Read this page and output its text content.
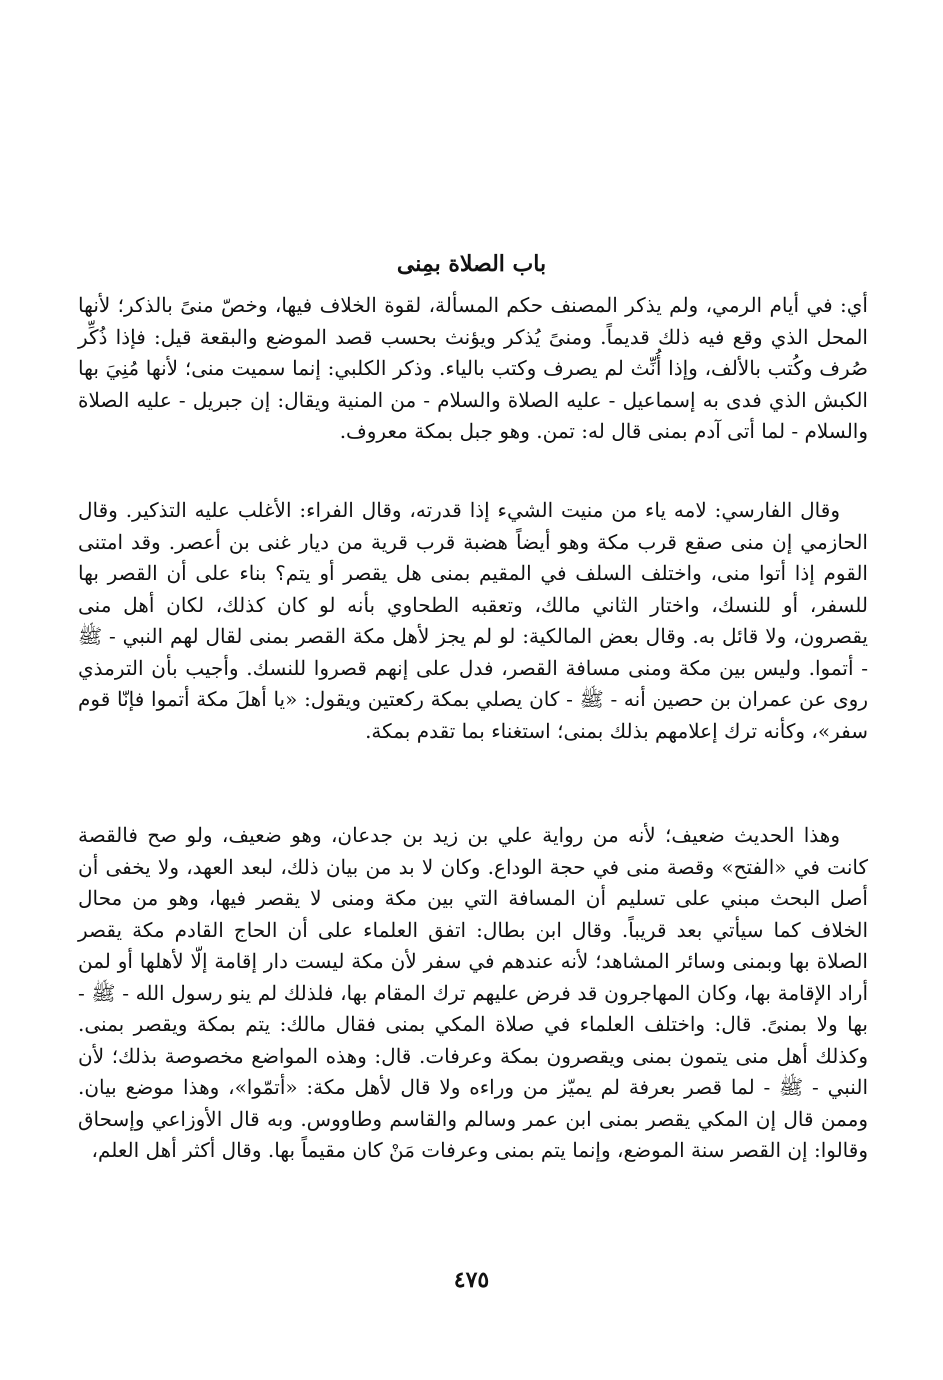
باب الصلاة بمِنى

أي: في أيام الرمي، ولم يذكر المصنف حكم المسألة، لقوة الخلاف فيها، وخصّ منىً بالذكر؛ لأنها المحل الذي وقع فيه ذلك قديماً. ومنىً يُذكر ويؤنث بحسب قصد الموضع والبقعة قيل: فإذا ذُكِّر صُرف وكُتب بالألف، وإذا أُنِّث لم يصرف وكتب بالياء. وذكر الكلبي: إنما سميت منى؛ لأنها مُنِيَ بها الكبش الذي فدى به إسماعيل - عليه الصلاة والسلام - من المنية ويقال: إن جبريل - عليه الصلاة والسلام - لما أتى آدم بمنى قال له: تمن. وهو جبل بمكة معروف.

وقال الفارسي: لامه ياء من منيت الشيء إذا قدرته، وقال الفراء: الأغلب عليه التذكير. وقال الحازمي إن منى صقع قرب مكة وهو أيضاً هضبة قرب قرية من ديار غنى بن أعصر. وقد امتنى القوم إذا أتوا منى، واختلف السلف في المقيم بمنى هل يقصر أو يتم؟ بناء على أن القصر بها للسفر، أو للنسك، واختار الثاني مالك، وتعقبه الطحاوي بأنه لو كان كذلك، لكان أهل منى يقصرون، ولا قائل به. وقال بعض المالكية: لو لم يجز لأهل مكة القصر بمنى لقال لهم النبي - ﷺ - أتموا. وليس بين مكة ومنى مسافة القصر، فدل على إنهم قصروا للنسك. وأجيب بأن الترمذي روى عن عمران بن حصين أنه - ﷺ - كان يصلي بمكة ركعتين ويقول: «يا أهلَ مكة أتموا فإنّا قوم سفر»، وكأنه ترك إعلامهم بذلك بمنى؛ استغناء بما تقدم بمكة.

وهذا الحديث ضعيف؛ لأنه من رواية علي بن زيد بن جدعان، وهو ضعيف، ولو صح فالقصة كانت في «الفتح» وقصة منى في حجة الوداع. وكان لا بد من بيان ذلك، لبعد العهد، ولا يخفى أن أصل البحث مبني على تسليم أن المسافة التي بين مكة ومنى لا يقصر فيها، وهو من محال الخلاف كما سيأتي بعد قريباً. وقال ابن بطال: اتفق العلماء على أن الحاج القادم مكة يقصر الصلاة بها وبمنى وسائر المشاهد؛ لأنه عندهم في سفر لأن مكة ليست دار إقامة إلّا لأهلها أو لمن أراد الإقامة بها، وكان المهاجرون قد فرض عليهم ترك المقام بها، فلذلك لم ينو رسول الله - ﷺ - بها ولا بمنىً. قال: واختلف العلماء في صلاة المكي بمنى فقال مالك: يتم بمكة ويقصر بمنى. وكذلك أهل منى يتمون بمنى ويقصرون بمكة وعرفات. قال: وهذه المواضع مخصوصة بذلك؛ لأن النبي - ﷺ - لما قصر بعرفة لم يميّز من وراءه ولا قال لأهل مكة: «أتمّوا»، وهذا موضع بيان. وممن قال إن المكي يقصر بمنى ابن عمر وسالم والقاسم وطاووس. وبه قال الأوزاعي وإسحاق وقالوا: إن القصر سنة الموضع، وإنما يتم بمنى وعرفات مَنْ كان مقيماً بها. وقال أكثر أهل العلم،

٤٧٥
